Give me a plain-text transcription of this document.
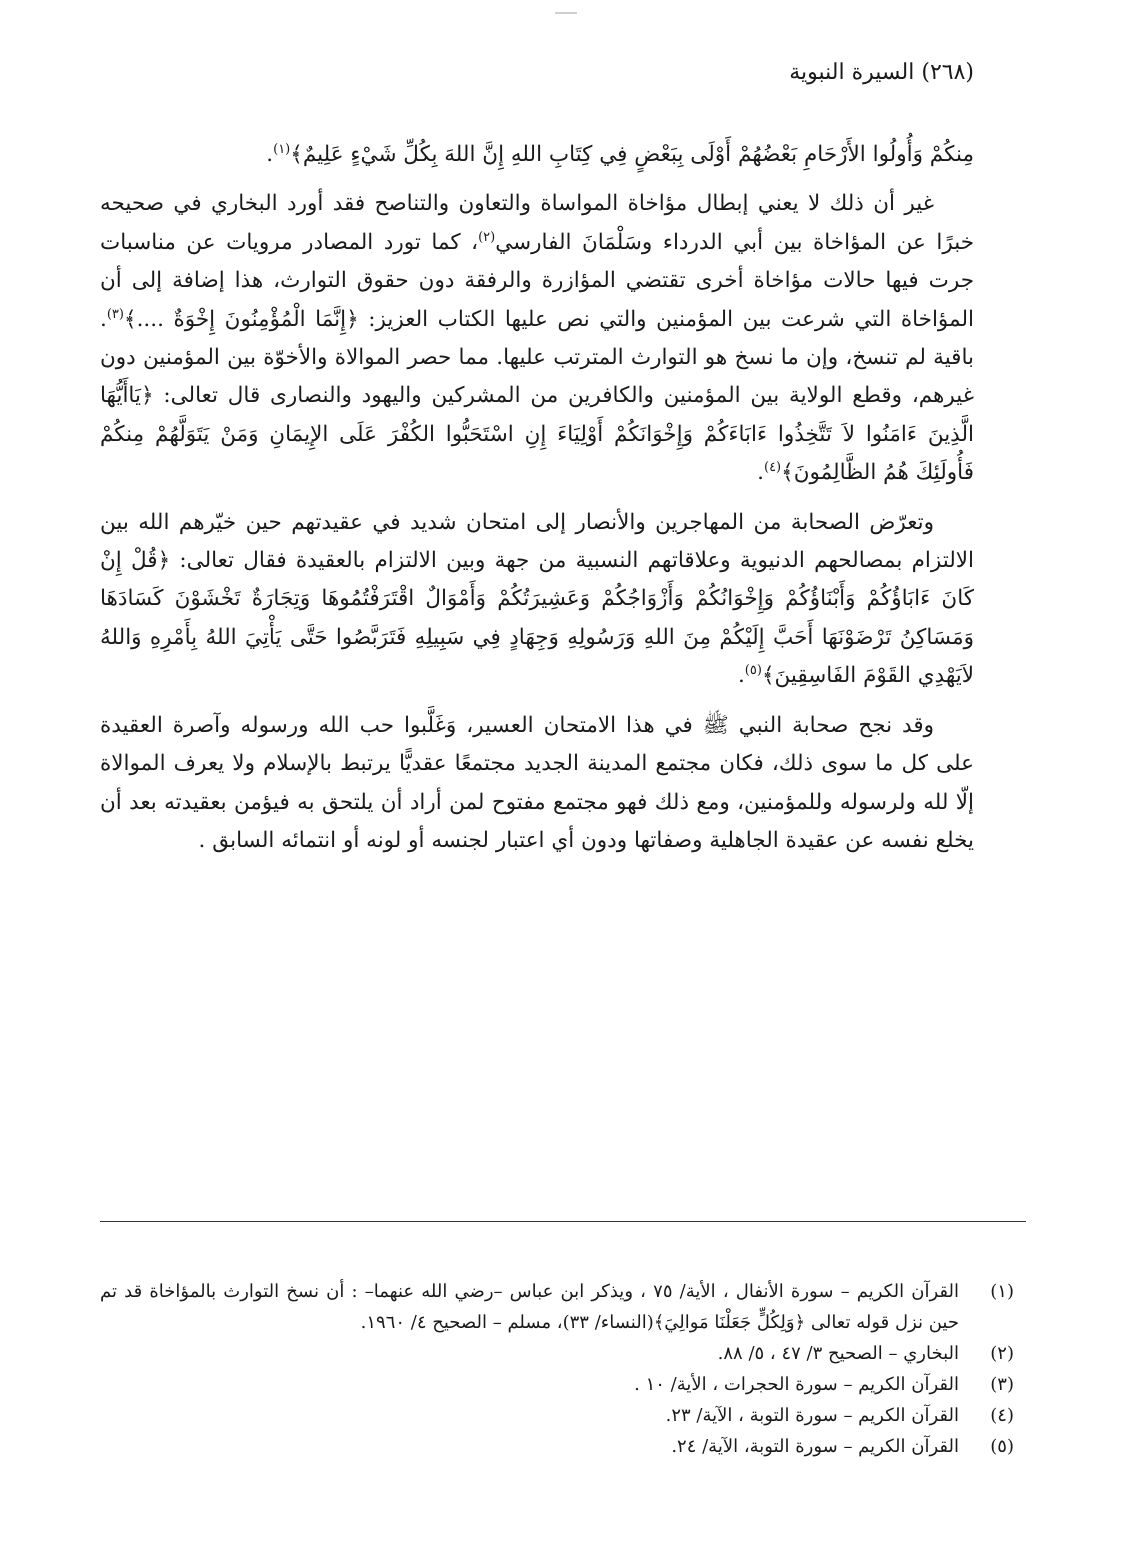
(٢٦٨) السيرة النبوية

مِنكُمْ وَأُولُوا الأَرْحَامِ بَعْضُهُمْ أَوْلَى بِبَعْضٍ فِي كِتَابِ اللهِ إِنَّ اللهَ بِكُلِّ شَيْءٍ عَلِيمٌ﴾$^{(١)}$.

غير أن ذلك لا يعني إبطال مؤاخاة المواساة والتعاون والتناصح فقد أورد البخاري في صحيحه خبرًا عن المؤاخاة بين أبي الدرداء وسَلْمَانَ الفارسي$^{(٢)}$، كما تورد المصادر مرويات عن مناسبات جرت فيها حالات مؤاخاة أخرى تقتضي المؤازرة والرفقة دون حقوق التوارث، هذا إضافة إلى أن المؤاخاة التي شرعت بين المؤمنين والتي نص عليها الكتاب العزيز: ﴿إِنَّمَا الْمُؤْمِنُونَ إِخْوَةٌ ....﴾$^{(٣)}$. باقية لم تنسخ، وإن ما نسخ هو التوارث المترتب عليها. مما حصر الموالاة والأخوّة بين المؤمنين دون غيرهم، وقطع الولاية بين المؤمنين والكافرين من المشركين واليهود والنصارى قال تعالى: ﴿يَاأَيُّهَا الَّذِينَ ءَامَنُوا لاَ تَتَّخِذُوا ءَابَاءَكُمْ وَإِخْوَانَكُمْ أَوْلِيَاءَ إِنِ اسْتَحَبُّوا الكُفْرَ عَلَى الإِيمَانِ وَمَنْ يَتَوَلَّهُمْ مِنكُمْ فَأُولَئِكَ هُمُ الظَّالِمُونَ﴾$^{(٤)}$.

وتعرّض الصحابة من المهاجرين والأنصار إلى امتحان شديد في عقيدتهم حين خيّرهم الله بين الالتزام بمصالحهم الدنيوية وعلاقاتهم النسبية من جهة وبين الالتزام بالعقيدة فقال تعالى: ﴿قُلْ إِنْ كَانَ ءَابَاؤُكُمْ وَأَبْنَاؤُكُمْ وَإِخْوَانُكُمْ وَأَزْوَاجُكُمْ وَعَشِيرَتُكُمْ وَأَمْوَالٌ اقْتَرَفْتُمُوهَا وَتِجَارَةٌ تَخْشَوْنَ كَسَادَهَا وَمَسَاكِنُ تَرْضَوْنَهَا أَحَبَّ إِلَيْكُمْ مِنَ اللهِ وَرَسُولِهِ وَجِهَادٍ فِي سَبِيلِهِ فَتَرَبَّصُوا حَتَّى يَأْتِيَ اللهُ بِأَمْرِهِ وَاللهُ لاَيَهْدِي القَوْمَ الفَاسِقِينَ﴾$^{(٥)}$.

وقد نجح صحابة النبي ﷺ في هذا الامتحان العسير، وَغَلَّبوا حب الله ورسوله وآصرة العقيدة على كل ما سوى ذلك، فكان مجتمع المدينة الجديد مجتمعًا عقديًّا يرتبط بالإسلام ولا يعرف الموالاة إلّا لله ولرسوله وللمؤمنين، ومع ذلك فهو مجتمع مفتوح لمن أراد أن يلتحق به فيؤمن بعقيدته بعد أن يخلع نفسه عن عقيدة الجاهلية وصفاتها ودون أي اعتبار لجنسه أو لونه أو انتمائه السابق .

(١)
القرآن الكريم – سورة الأنفال ، الأية/ ٧٥ ، ويذكر ابن عباس –رضي الله عنهما– : أن نسخ التوارث بالمؤاخاة قد تم حين نزل قوله تعالى ﴿وَلِكُلٍّ جَعَلْنَا مَوالِيَ﴾(النساء/ ٣٣)، مسلم – الصحيح ٤/ ١٩٦٠.
(٢)
البخاري – الصحيح ٣/ ٤٧ ، ٥/ ٨٨.
(٣)
القرآن الكريم – سورة الحجرات ، الأية/ ١٠ .
(٤)
القرآن الكريم – سورة التوبة ، الآية/ ٢٣.
(٥)
القرآن الكريم – سورة التوبة، الآية/ ٢٤.
